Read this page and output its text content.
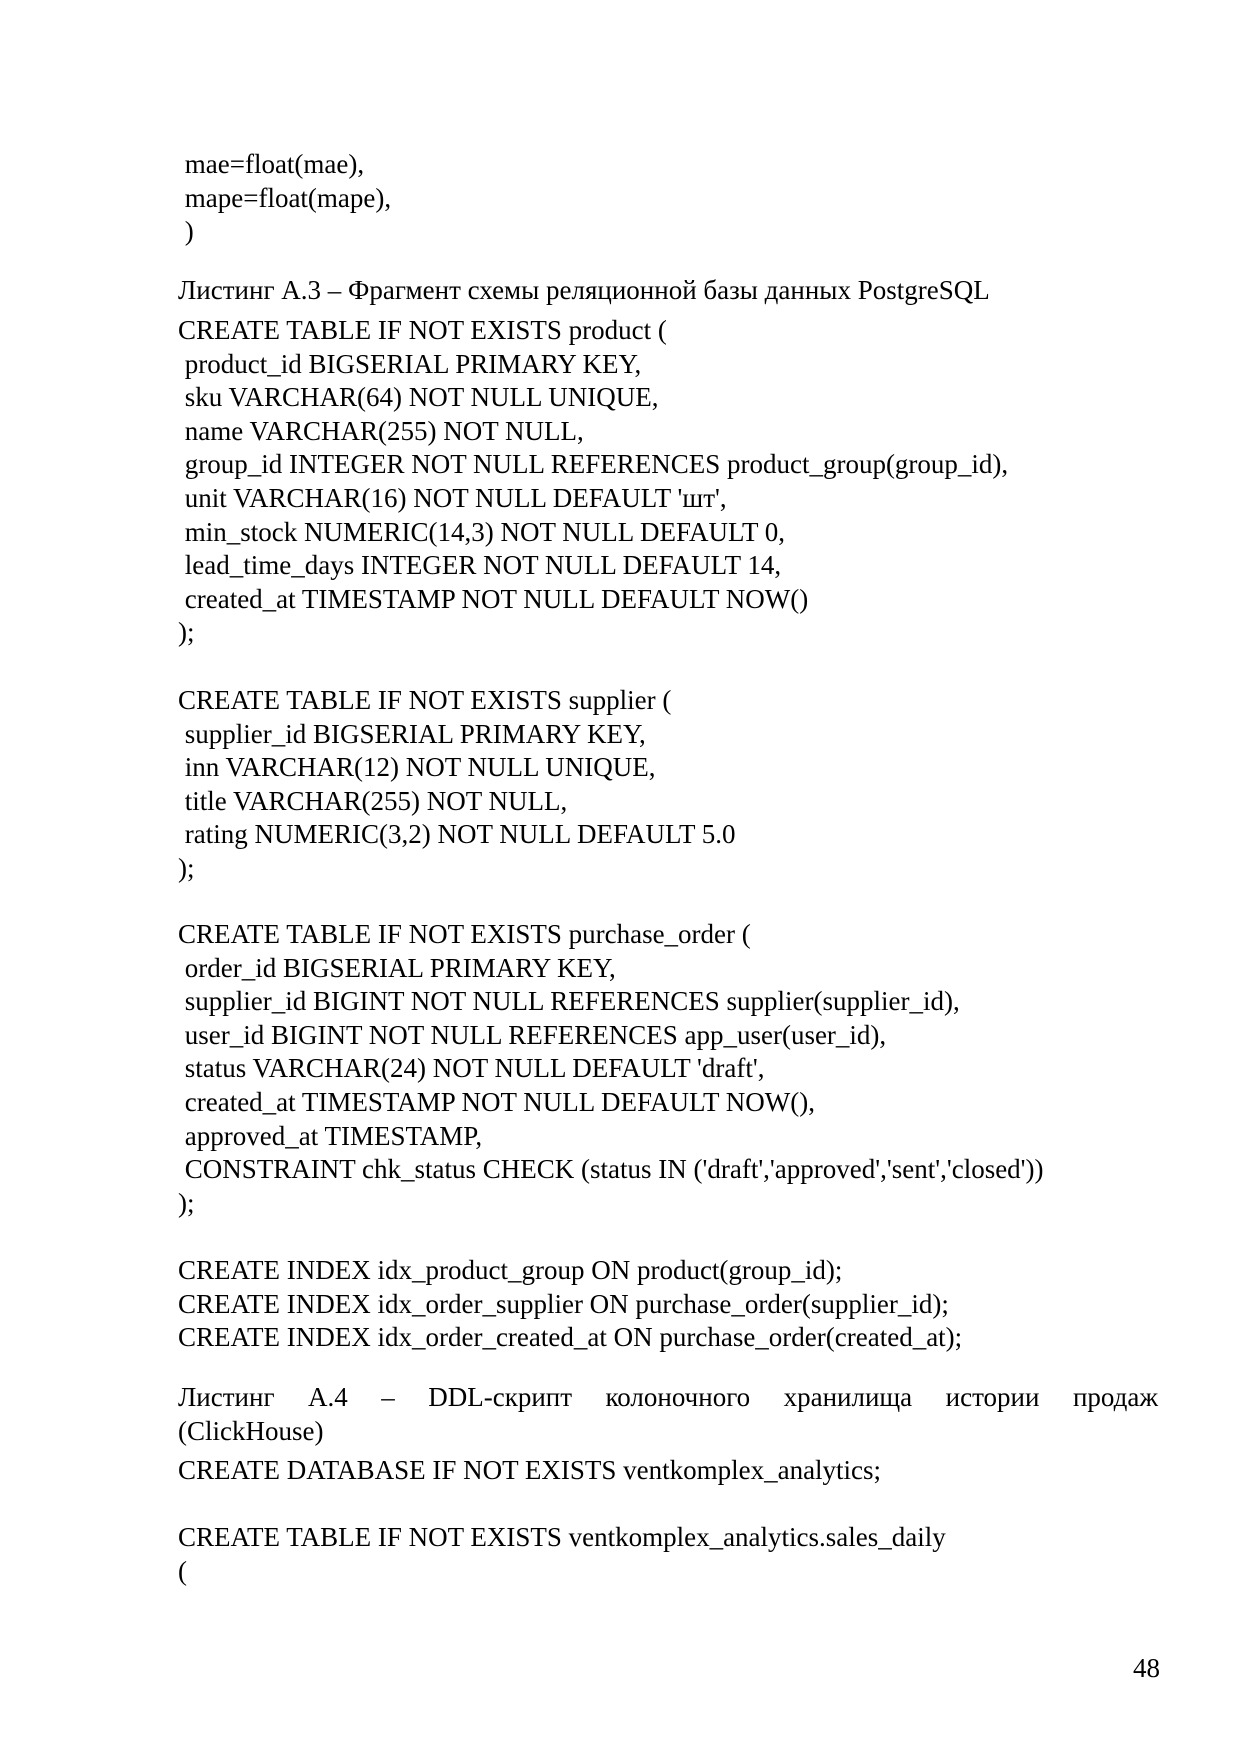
mae=float(mae),

mape=float(mape),

)

Листинг А.3 – Фрагмент схемы реляционной базы данных PostgreSQL

CREATE TABLE IF NOT EXISTS product (

product_id BIGSERIAL PRIMARY KEY,

sku VARCHAR(64) NOT NULL UNIQUE,

name VARCHAR(255) NOT NULL,

group_id INTEGER NOT NULL REFERENCES product_group(group_id),

unit VARCHAR(16) NOT NULL DEFAULT 'шт',

min_stock NUMERIC(14,3) NOT NULL DEFAULT 0,

lead_time_days INTEGER NOT NULL DEFAULT 14,

created_at TIMESTAMP NOT NULL DEFAULT NOW()

);

CREATE TABLE IF NOT EXISTS supplier (

supplier_id BIGSERIAL PRIMARY KEY,

inn VARCHAR(12) NOT NULL UNIQUE,

title VARCHAR(255) NOT NULL,

rating NUMERIC(3,2) NOT NULL DEFAULT 5.0

);

CREATE TABLE IF NOT EXISTS purchase_order (

order_id BIGSERIAL PRIMARY KEY,

supplier_id BIGINT NOT NULL REFERENCES supplier(supplier_id),

user_id BIGINT NOT NULL REFERENCES app_user(user_id),

status VARCHAR(24) NOT NULL DEFAULT 'draft',

created_at TIMESTAMP NOT NULL DEFAULT NOW(),

approved_at TIMESTAMP,

CONSTRAINT chk_status CHECK (status IN ('draft','approved','sent','closed'))

);

CREATE INDEX idx_product_group ON product(group_id);

CREATE INDEX idx_order_supplier ON purchase_order(supplier_id);

CREATE INDEX idx_order_created_at ON purchase_order(created_at);

Листинг А.4 – DDL-скрипт колоночного хранилища истории продаж

(ClickHouse)

CREATE DATABASE IF NOT EXISTS ventkomplex_analytics;

CREATE TABLE IF NOT EXISTS ventkomplex_analytics.sales_daily

(

48
